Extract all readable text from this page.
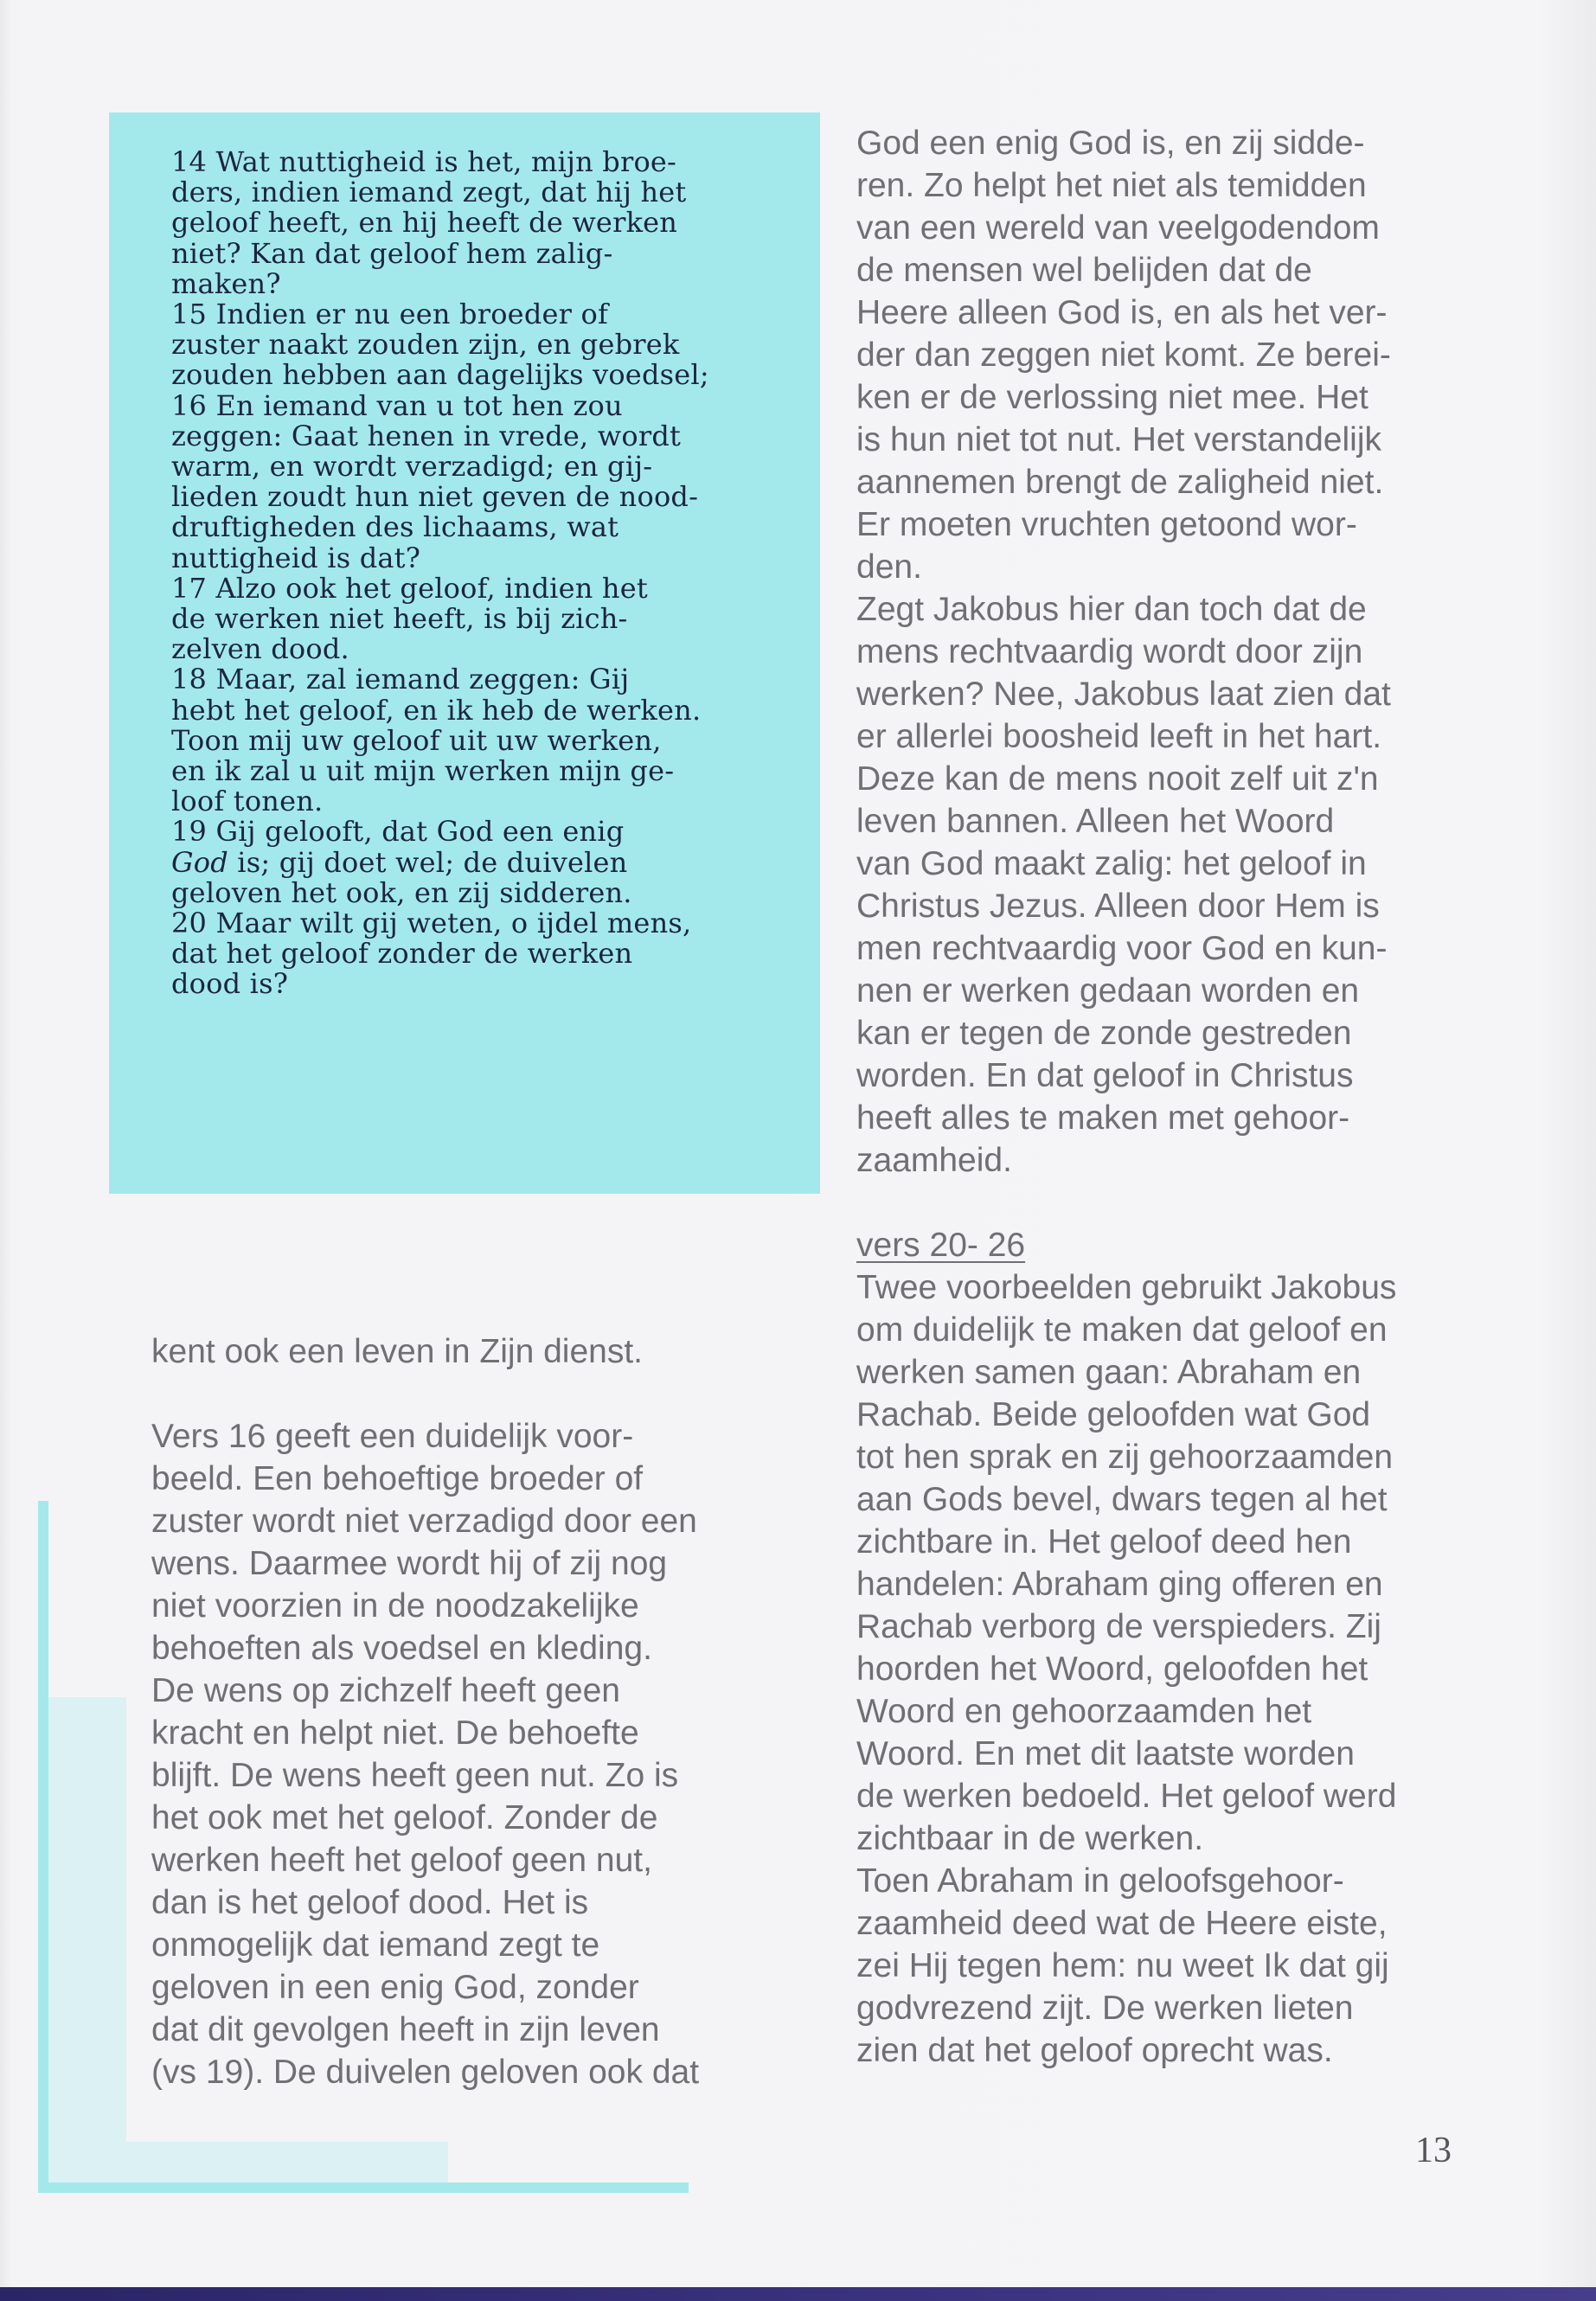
14 Wat nuttigheid is het, mijn broe-

ders, indien iemand zegt, dat hij het

geloof heeft, en hij heeft de werken

niet? Kan dat geloof hem zalig-

maken?

15 Indien er nu een broeder of

zuster naakt zouden zijn, en gebrek

zouden hebben aan dagelijks voedsel;

16 En iemand van u tot hen zou

zeggen: Gaat henen in vrede, wordt

warm, en wordt verzadigd; en gij-

lieden zoudt hun niet geven de nood-

druftigheden des lichaams, wat

nuttigheid is dat?

17 Alzo ook het geloof, indien het

de werken niet heeft, is bij zich-

zelven dood.

18 Maar, zal iemand zeggen: Gij

hebt het geloof, en ik heb de werken.

Toon mij uw geloof uit uw werken,

en ik zal u uit mijn werken mijn ge-

loof tonen.

19 Gij gelooft, dat God een enig

God is; gij doet wel; de duivelen

geloven het ook, en zij sidderen.

20 Maar wilt gij weten, o ijdel mens,

dat het geloof zonder de werken

dood is?

kent ook een leven in Zijn dienst.

Vers 16 geeft een duidelijk voor-

beeld. Een behoeftige broeder of

zuster wordt niet verzadigd door een

wens. Daarmee wordt hij of zij nog

niet voorzien in de noodzakelijke

behoeften als voedsel en kleding.

De wens op zichzelf heeft geen

kracht en helpt niet. De behoefte

blijft. De wens heeft geen nut. Zo is

het ook met het geloof. Zonder de

werken heeft het geloof geen nut,

dan is het geloof dood. Het is

onmogelijk dat iemand zegt te

geloven in een enig God, zonder

dat dit gevolgen heeft in zijn leven

(vs 19). De duivelen geloven ook dat

God een enig God is, en zij sidde-

ren. Zo helpt het niet als temidden

van een wereld van veelgodendom

de mensen wel belijden dat de

Heere alleen God is, en als het ver-

der dan zeggen niet komt. Ze berei-

ken er de verlossing niet mee. Het

is hun niet tot nut. Het verstandelijk

aannemen brengt de zaligheid niet.

Er moeten vruchten getoond wor-

den.

Zegt Jakobus hier dan toch dat de

mens rechtvaardig wordt door zijn

werken? Nee, Jakobus laat zien dat

er allerlei boosheid leeft in het hart.

Deze kan de mens nooit zelf uit z'n

leven bannen. Alleen het Woord

van God maakt zalig: het geloof in

Christus Jezus. Alleen door Hem is

men rechtvaardig voor God en kun-

nen er werken gedaan worden en

kan er tegen de zonde gestreden

worden. En dat geloof in Christus

heeft alles te maken met gehoor-

zaamheid.

vers 20- 26

Twee voorbeelden gebruikt Jakobus

om duidelijk te maken dat geloof en

werken samen gaan: Abraham en

Rachab. Beide geloofden wat God

tot hen sprak en zij gehoorzaamden

aan Gods bevel, dwars tegen al het

zichtbare in. Het geloof deed hen

handelen: Abraham ging offeren en

Rachab verborg de verspieders. Zij

hoorden het Woord, geloofden het

Woord en gehoorzaamden het

Woord. En met dit laatste worden

de werken bedoeld. Het geloof werd

zichtbaar in de werken.

Toen Abraham in geloofsgehoor-

zaamheid deed wat de Heere eiste,

zei Hij tegen hem: nu weet Ik dat gij

godvrezend zijt. De werken lieten

zien dat het geloof oprecht was.

13
